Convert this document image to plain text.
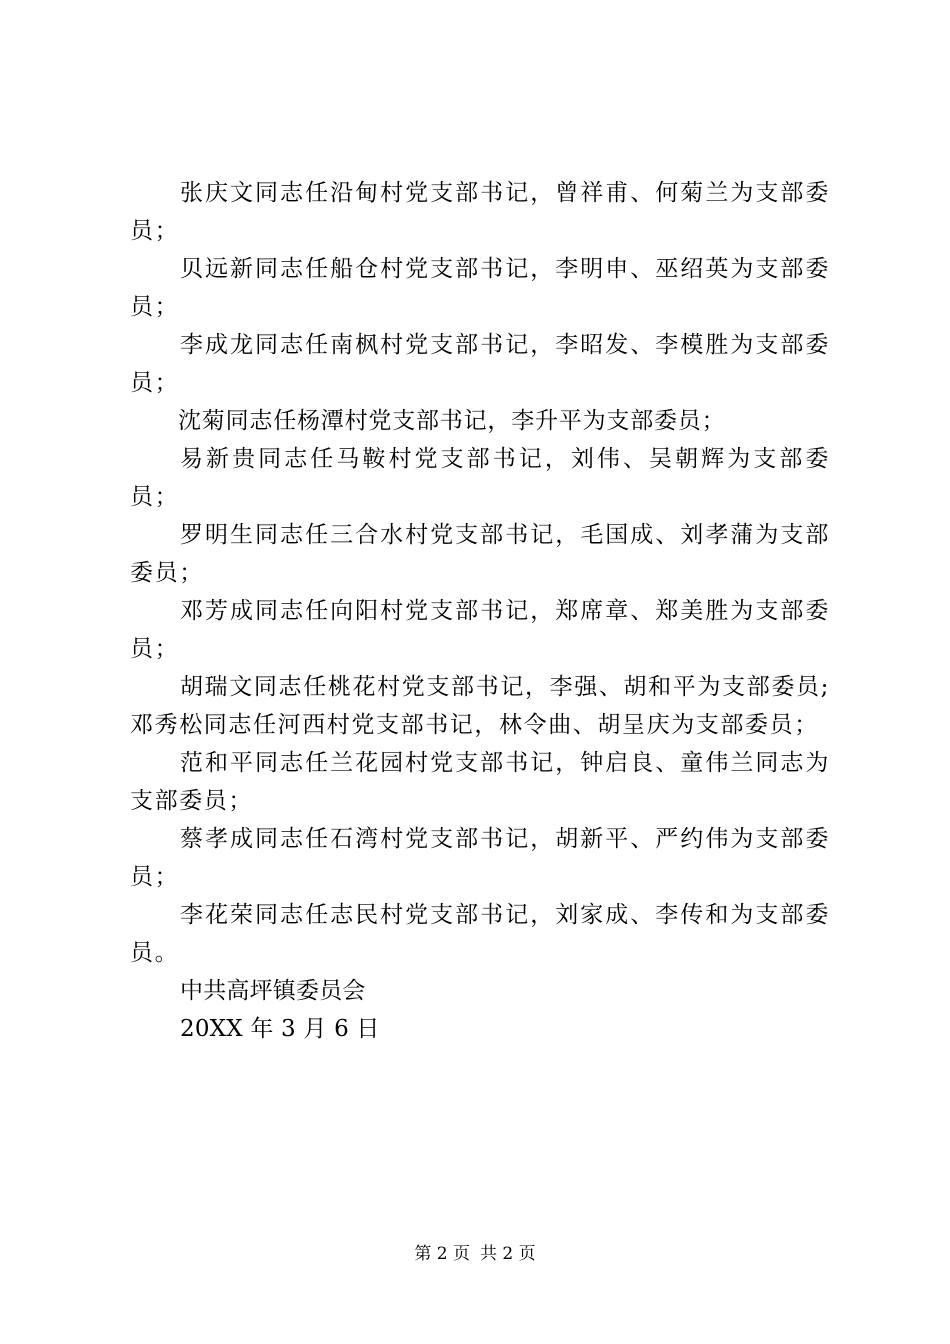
张庆文同志任沿甸村党支部书记，曾祥甫、何菊兰为支部委员；

贝远新同志任船仓村党支部书记，李明申、巫绍英为支部委员；

李成龙同志任南枫村党支部书记，李昭发、李模胜为支部委员；

沈菊同志任杨潭村党支部书记，李升平为支部委员；

易新贵同志任马鞍村党支部书记，刘伟、吴朝辉为支部委员；

罗明生同志任三合水村党支部书记，毛国成、刘孝蒲为支部委员；

邓芳成同志任向阳村党支部书记，郑席章、郑美胜为支部委员；

胡瑞文同志任桃花村党支部书记，李强、胡和平为支部委员;邓秀松同志任河西村党支部书记，林令曲、胡呈庆为支部委员；

范和平同志任兰花园村党支部书记，钟启良、童伟兰同志为支部委员；

蔡孝成同志任石湾村党支部书记，胡新平、严约伟为支部委员；

李花荣同志任志民村党支部书记，刘家成、李传和为支部委员。

中共高坪镇委员会

20XX 年 3 月 6 日

第 2 页 共 2 页
